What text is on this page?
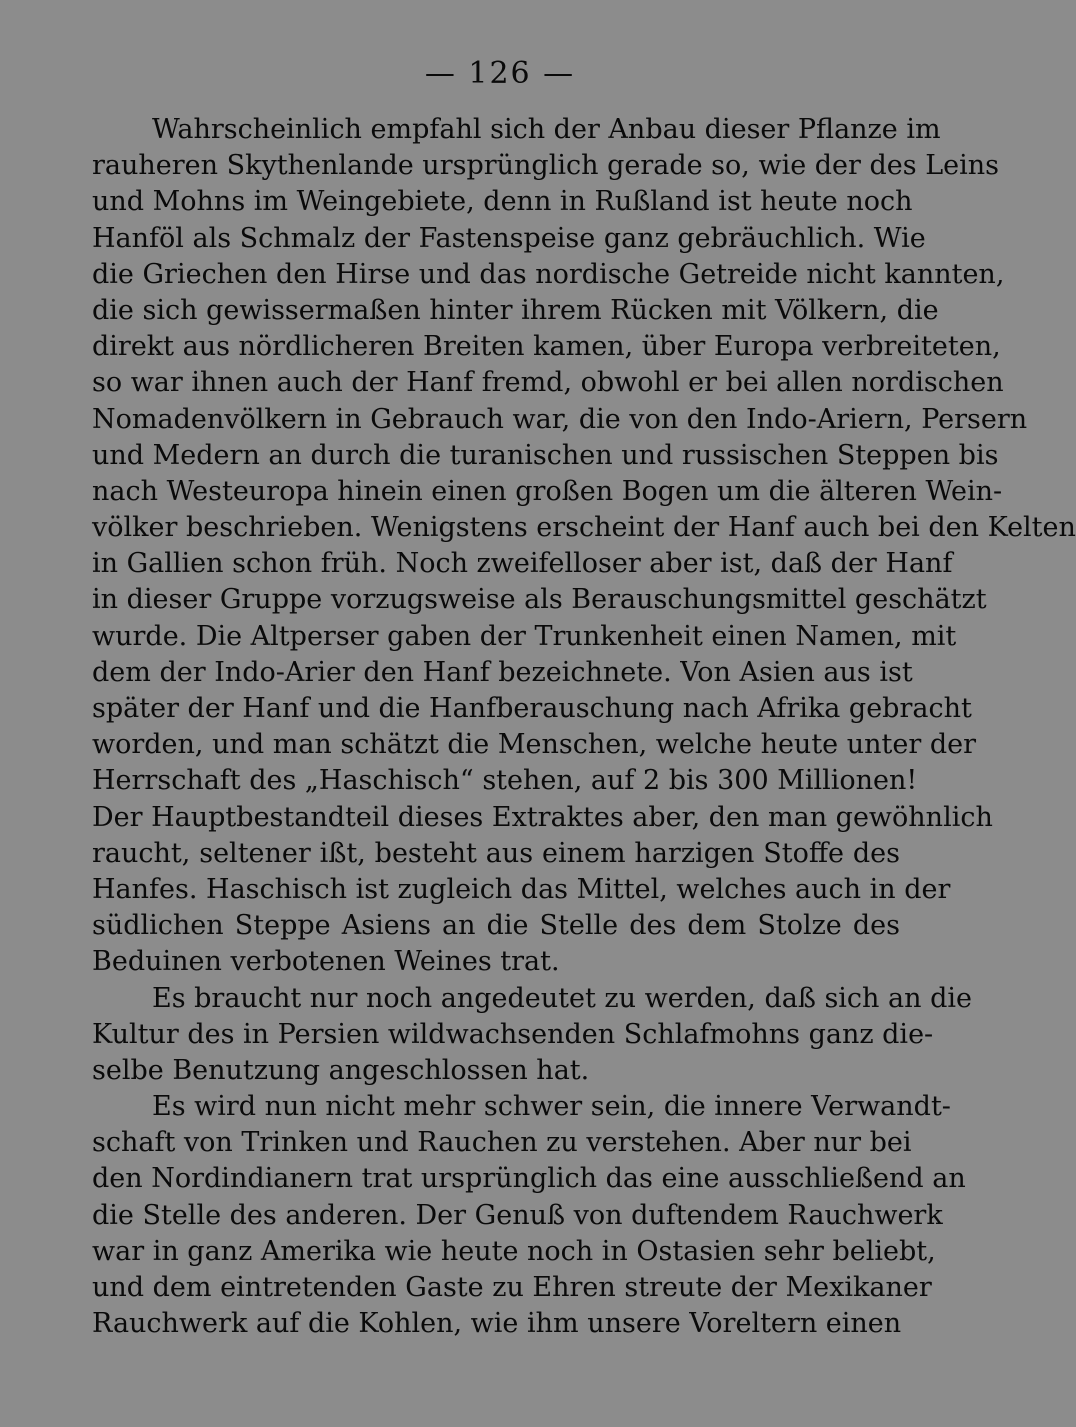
— 126 —
Wahrscheinlich empfahl sich der Anbau dieser Pflanze im
rauheren Skythenlande ursprünglich gerade so, wie der des Leins
und Mohns im Weingebiete, denn in Rußland ist heute noch
Hanföl als Schmalz der Fastenspeise ganz gebräuchlich. Wie
die Griechen den Hirse und das nordische Getreide nicht kannten,
die sich gewissermaßen hinter ihrem Rücken mit Völkern, die
direkt aus nördlicheren Breiten kamen, über Europa verbreiteten,
so war ihnen auch der Hanf fremd, obwohl er bei allen nordischen
Nomadenvölkern in Gebrauch war, die von den Indo-Ariern, Persern
und Medern an durch die turanischen und russischen Steppen bis
nach Westeuropa hinein einen großen Bogen um die älteren Wein-
völker beschrieben. Wenigstens erscheint der Hanf auch bei den Kelten
in Gallien schon früh. Noch zweifelloser aber ist, daß der Hanf
in dieser Gruppe vorzugsweise als Berauschungsmittel geschätzt
wurde. Die Altperser gaben der Trunkenheit einen Namen, mit
dem der Indo-Arier den Hanf bezeichnete. Von Asien aus ist
später der Hanf und die Hanfberauschung nach Afrika gebracht
worden, und man schätzt die Menschen, welche heute unter der
Herrschaft des „Haschisch“ stehen, auf 2 bis 300 Millionen!
Der Hauptbestandteil dieses Extraktes aber, den man gewöhnlich
raucht, seltener ißt, besteht aus einem harzigen Stoffe des
Hanfes. Haschisch ist zugleich das Mittel, welches auch in der
südlichen Steppe Asiens an die Stelle des dem Stolze des
Beduinen verbotenen Weines trat.
Es braucht nur noch angedeutet zu werden, daß sich an die
Kultur des in Persien wildwachsenden Schlafmohns ganz die-
selbe Benutzung angeschlossen hat.
Es wird nun nicht mehr schwer sein, die innere Verwandt-
schaft von Trinken und Rauchen zu verstehen. Aber nur bei
den Nordindianern trat ursprünglich das eine ausschließend an
die Stelle des anderen. Der Genuß von duftendem Rauchwerk
war in ganz Amerika wie heute noch in Ostasien sehr beliebt,
und dem eintretenden Gaste zu Ehren streute der Mexikaner
Rauchwerk auf die Kohlen, wie ihm unsere Voreltern einen
